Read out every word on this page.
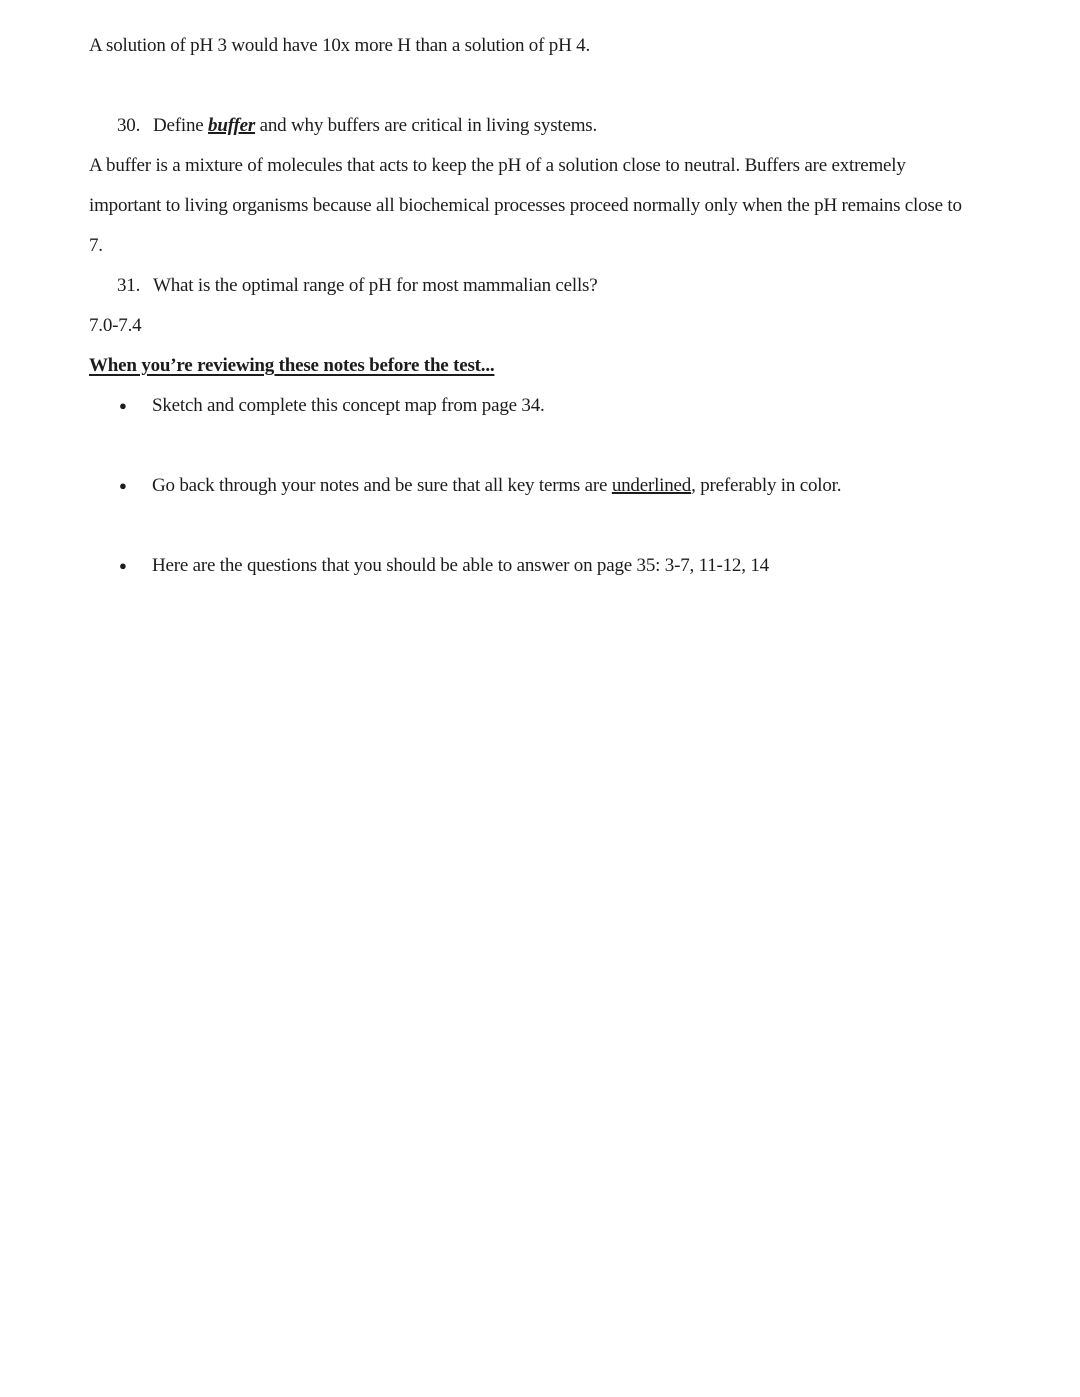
A solution of pH 3 would have 10x more H than a solution of pH 4.

30. Define buffer and why buffers are critical in living systems.

A buffer is a mixture of molecules that acts to keep the pH of a solution close to neutral. Buffers are extremely important to living organisms because all biochemical processes proceed normally only when the pH remains close to 7.

31. What is the optimal range of pH for most mammalian cells?

7.0-7.4

When you’re reviewing these notes before the test...
● Sketch and complete this concept map from page 34.
● Go back through your notes and be sure that all key terms are underlined, preferably in color.
● Here are the questions that you should be able to answer on page 35: 3-7, 11-12, 14
